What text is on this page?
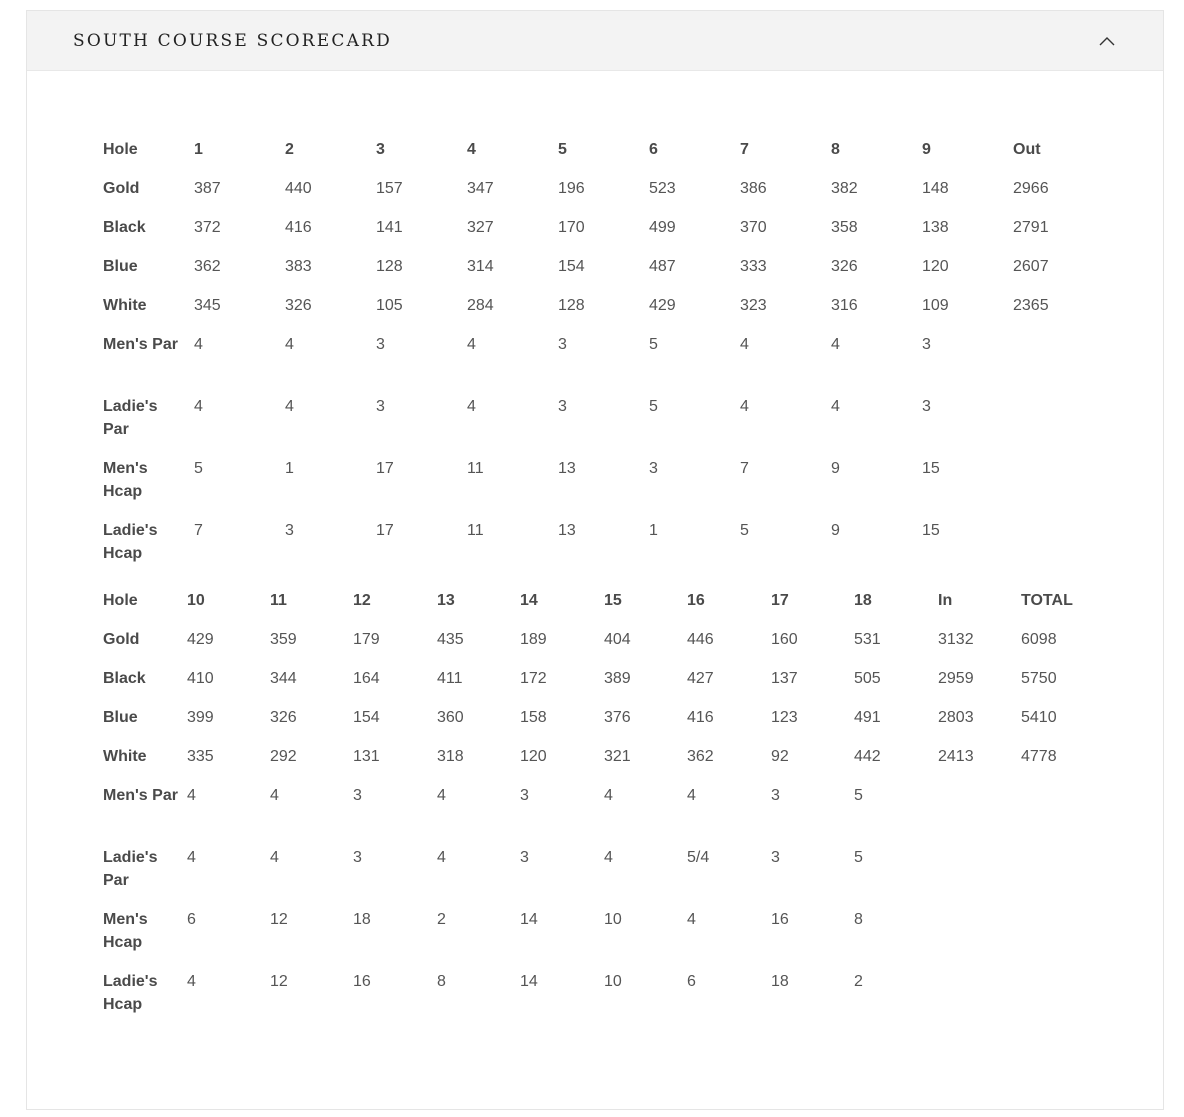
SOUTH COURSE SCORECARD
Hole	1	2	3	4	5	6	7	8	9	Out
Gold	387	440	157	347	196	523	386	382	148	2966
Black	372	416	141	327	170	499	370	358	138	2791
Blue	362	383	128	314	154	487	333	326	120	2607
White	345	326	105	284	128	429	323	316	109	2365
Men's Par	4	4	3	4	3	5	4	4	3	
Ladie's Par	4	4	3	4	3	5	4	4	3	
Men's Hcap	5	1	17	11	13	3	7	9	15	
Ladie's Hcap	7	3	17	11	13	1	5	9	15	
Hole	10	11	12	13	14	15	16	17	18	In	TOTAL
Gold	429	359	179	435	189	404	446	160	531	3132	6098
Black	410	344	164	411	172	389	427	137	505	2959	5750
Blue	399	326	154	360	158	376	416	123	491	2803	5410
White	335	292	131	318	120	321	362	92	442	2413	4778
Men's Par	4	4	3	4	3	4	4	3	5		
Ladie's Par	4	4	3	4	3	4	5/4	3	5		
Men's Hcap	6	12	18	2	14	10	4	16	8		
Ladie's Hcap	4	12	16	8	14	10	6	18	2		
